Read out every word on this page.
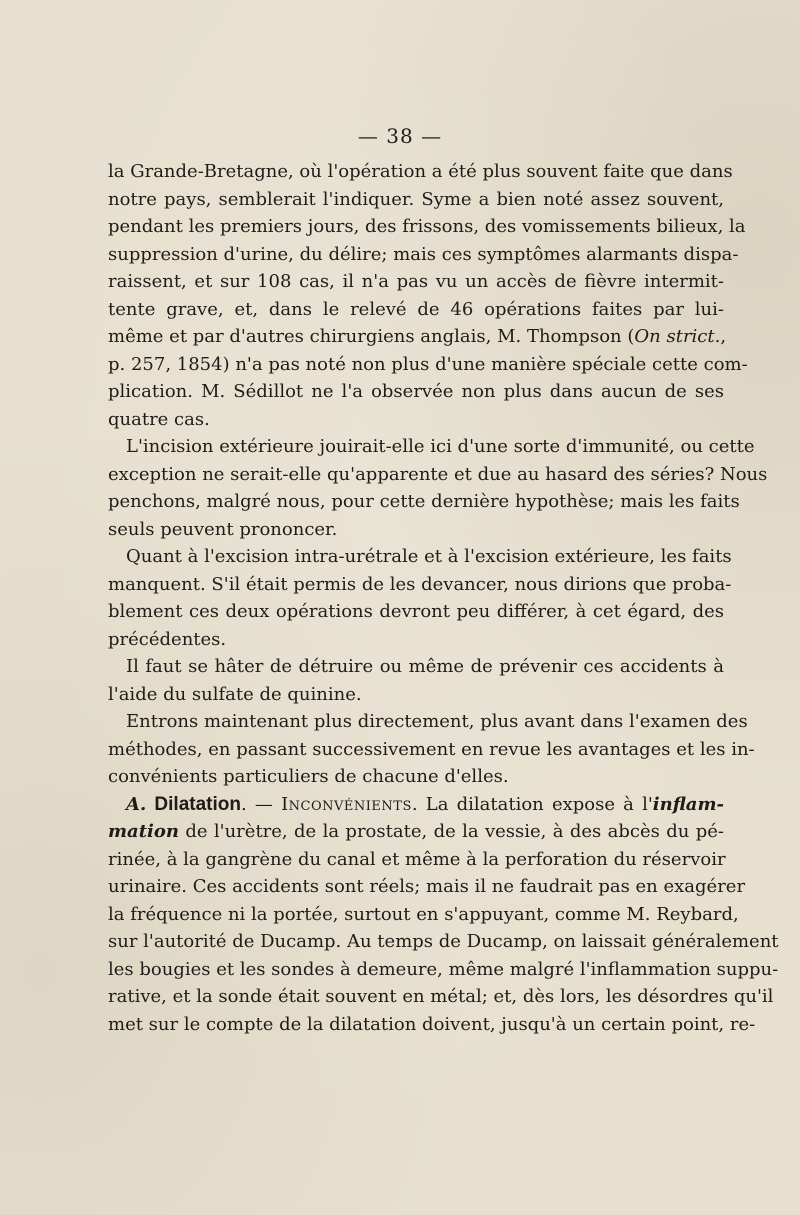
— 38 —

la Grande-Bretagne, où l'opération a été plus souvent faite que dans
notre pays, semblerait l'indiquer. Syme a bien noté assez souvent,
pendant les premiers jours, des frissons, des vomissements bilieux, la
suppression d'urine, du délire; mais ces symptômes alarmants dispa-
raissent, et sur 108 cas, il n'a pas vu un accès de fièvre intermit-
tente grave, et, dans le relevé de 46 opérations faites par lui-
même et par d'autres chirurgiens anglais, M. Thompson (On strict.,
p. 257, 1854) n'a pas noté non plus d'une manière spéciale cette com-
plication. M. Sédillot ne l'a observée non plus dans aucun de ses
quatre cas.

L'incision extérieure jouirait-elle ici d'une sorte d'immunité, ou cette
exception ne serait-elle qu'apparente et due au hasard des séries? Nous
penchons, malgré nous, pour cette dernière hypothèse; mais les faits
seuls peuvent prononcer.

Quant à l'excision intra-urétrale et à l'excision extérieure, les faits
manquent. S'il était permis de les devancer, nous dirions que proba-
blement ces deux opérations devront peu différer, à cet égard, des
précédentes.

Il faut se hâter de détruire ou même de prévenir ces accidents à
l'aide du sulfate de quinine.

Entrons maintenant plus directement, plus avant dans l'examen des
méthodes, en passant successivement en revue les avantages et les in-
convénients particuliers de chacune d'elles.

A. Dilatation. — Inconvénients. La dilatation expose à l'inflam-
mation de l'urètre, de la prostate, de la vessie, à des abcès du pé-
rinée, à la gangrène du canal et même à la perforation du réservoir
urinaire. Ces accidents sont réels; mais il ne faudrait pas en exagérer
la fréquence ni la portée, surtout en s'appuyant, comme M. Reybard,
sur l'autorité de Ducamp. Au temps de Ducamp, on laissait généralement
les bougies et les sondes à demeure, même malgré l'inflammation suppu-
rative, et la sonde était souvent en métal; et, dès lors, les désordres qu'il
met sur le compte de la dilatation doivent, jusqu'à un certain point, re-
